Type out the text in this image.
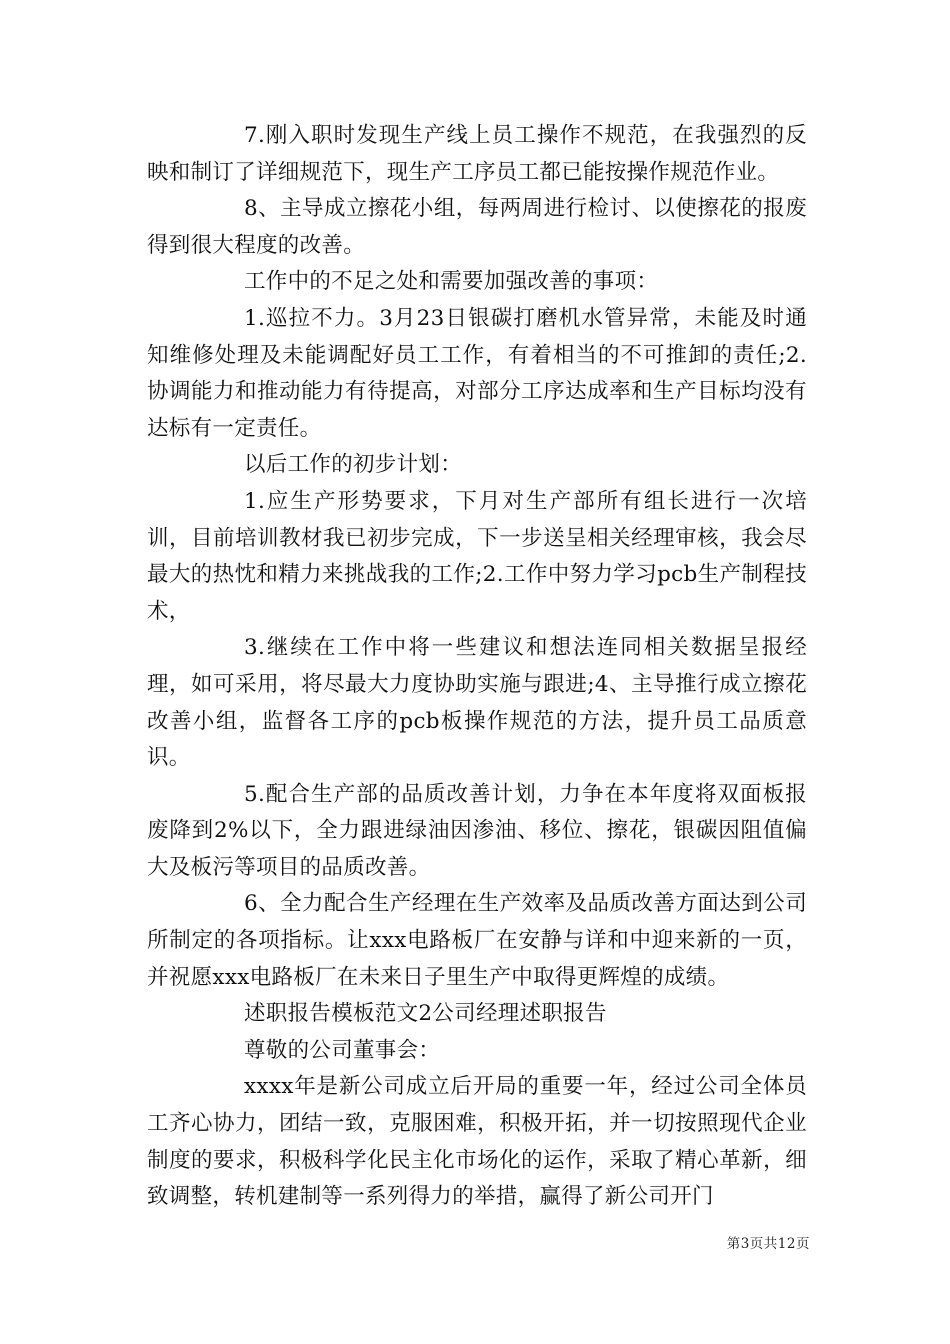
7.刚入职时发现生产线上员工操作不规范，在我强烈的反映和制订了详细规范下，现生产工序员工都已能按操作规范作业。

8、主导成立擦花小组，每两周进行检讨、以使擦花的报废得到很大程度的改善。

工作中的不足之处和需要加强改善的事项：

1.巡拉不力。3月23日银碳打磨机水管异常，未能及时通知维修处理及未能调配好员工工作，有着相当的不可推卸的责任;2.协调能力和推动能力有待提高，对部分工序达成率和生产目标均没有达标有一定责任。

以后工作的初步计划：

1.应生产形势要求，下月对生产部所有组长进行一次培训，目前培训教材我已初步完成，下一步送呈相关经理审核，我会尽最大的热忱和精力来挑战我的工作;2.工作中努力学习pcb生产制程技术，

3.继续在工作中将一些建议和想法连同相关数据呈报经理，如可采用，将尽最大力度协助实施与跟进;4、主导推行成立擦花改善小组，监督各工序的pcb板操作规范的方法，提升员工品质意识。

5.配合生产部的品质改善计划，力争在本年度将双面板报废降到2%以下，全力跟进绿油因渗油、移位、擦花，银碳因阻值偏大及板污等项目的品质改善。

6、全力配合生产经理在生产效率及品质改善方面达到公司所制定的各项指标。让xxx电路板厂在安静与详和中迎来新的一页，并祝愿xxx电路板厂在未来日子里生产中取得更辉煌的成绩。

述职报告模板范文2公司经理述职报告

尊敬的公司董事会：

xxxx年是新公司成立后开局的重要一年，经过公司全体员工齐心协力，团结一致，克服困难，积极开拓，并一切按照现代企业制度的要求，积极科学化民主化市场化的运作，采取了精心革新，细致调整，转机建制等一系列得力的举措，赢得了新公司开门

第3页共12页
